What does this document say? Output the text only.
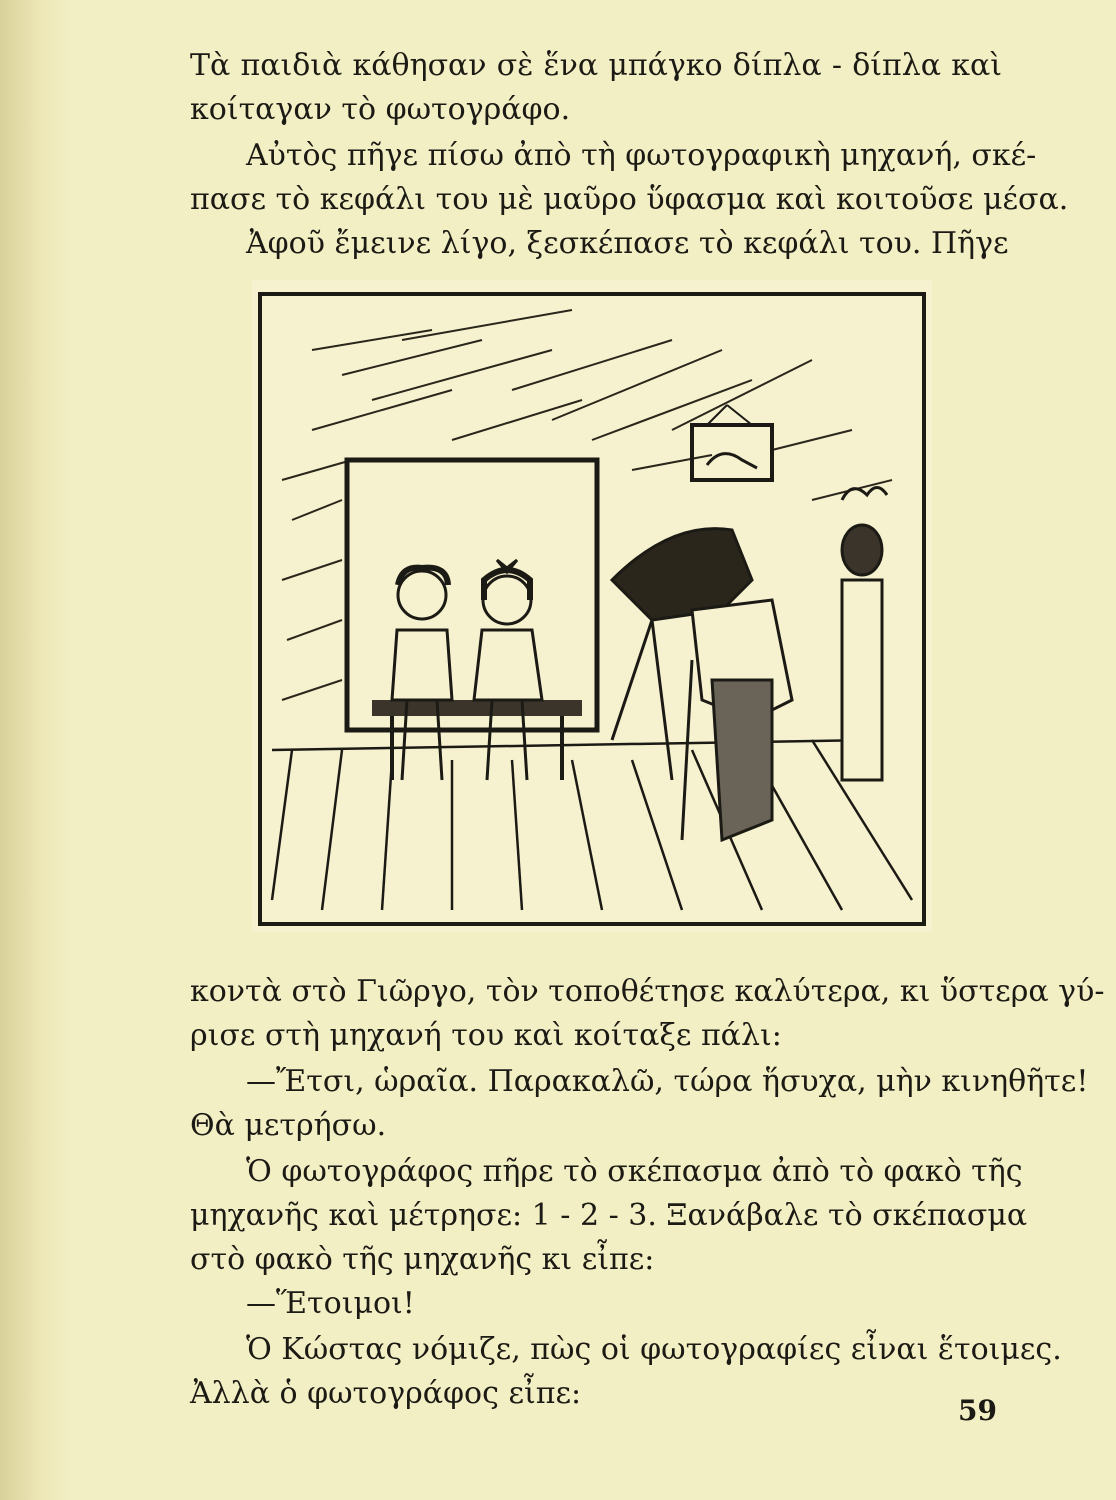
Τὰ παιδιὰ κάθησαν σὲ ἕνα μπάγκο δίπλα - δίπλα καὶ
κοίταγαν τὸ φωτογράφο.
Αὐτὸς πῆγε πίσω ἀπὸ τὴ φωτογραφικὴ μηχανή, σκέ-
πασε τὸ κεφάλι του μὲ μαῦρο ὕφασμα καὶ κοιτοῦσε μέσα.
Ἀφοῦ ἔμεινε λίγο, ξεσκέπασε τὸ κεφάλι του. Πῆγε
κοντὰ στὸ Γιῶργο, τὸν τοποθέτησε καλύτερα, κι ὕστερα γύ-
ρισε στὴ μηχανή του καὶ κοίταξε πάλι:
—Ἔτσι, ὡραῖα. Παρακαλῶ, τώρα ἥσυχα, μὴν κινηθῆτε!
Θὰ μετρήσω.
Ὁ φωτογράφος πῆρε τὸ σκέπασμα ἀπὸ τὸ φακὸ τῆς
μηχανῆς καὶ μέτρησε: 1 - 2 - 3. Ξανάβαλε τὸ σκέπασμα
στὸ φακὸ τῆς μηχανῆς κι εἶπε:
—Ἕτοιμοι!
Ὁ Κώστας νόμιζε, πὼς οἱ φωτογραφίες εἶναι ἕτοιμες.
Ἀλλὰ ὁ φωτογράφος εἶπε:	59
